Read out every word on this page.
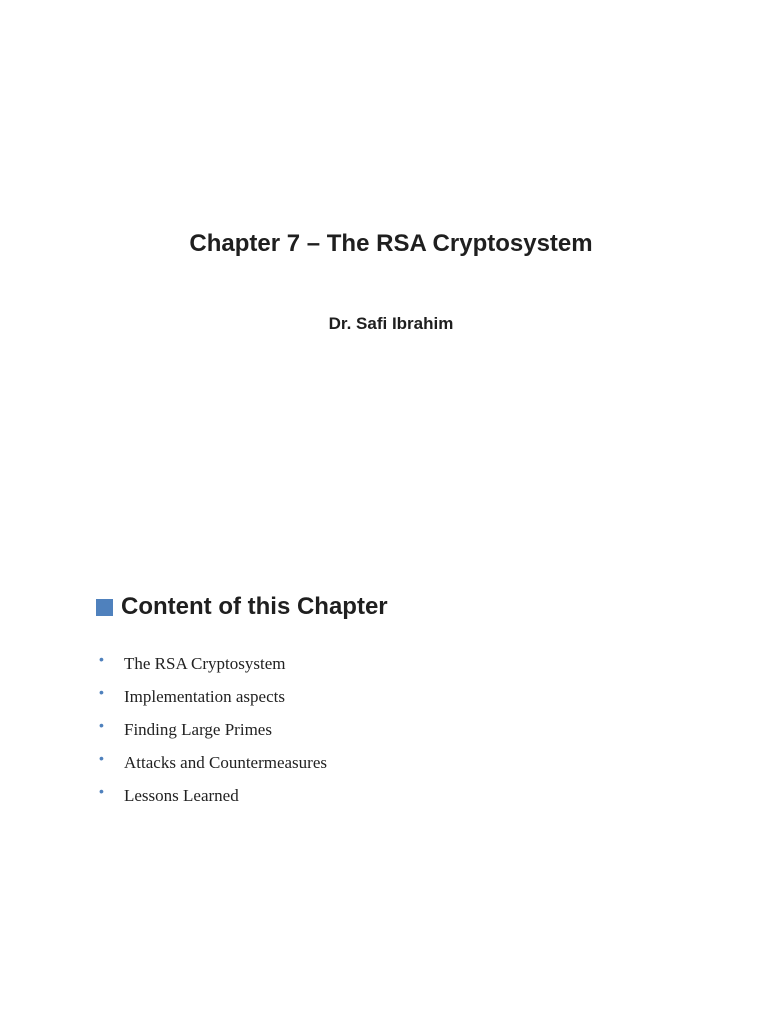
Chapter 7 – The RSA Cryptosystem

Dr. Safi Ibrahim

Content of this Chapter
• The RSA Cryptosystem
• Implementation aspects
• Finding Large Primes
• Attacks and Countermeasures
• Lessons Learned
